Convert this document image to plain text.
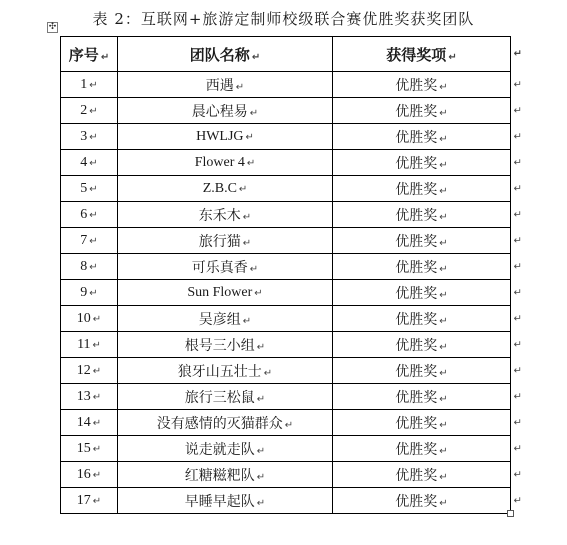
表 2：互联网+旅游定制师校级联合赛优胜奖获奖团队
✣
序号 ↵	团队名称 ↵	获得奖项 ↵ ↵

1 ↵	西遇 ↵	优胜奖 ↵ ↵

2 ↵	晨心程易 ↵	优胜奖 ↵ ↵

3 ↵	HWLJG ↵	优胜奖 ↵ ↵

4 ↵	Flower 4 ↵	优胜奖 ↵ ↵

5 ↵	Z.B.C ↵	优胜奖 ↵ ↵

6 ↵	东禾木 ↵	优胜奖 ↵ ↵

7 ↵	旅行猫 ↵	优胜奖 ↵ ↵

8 ↵	可乐真香 ↵	优胜奖 ↵ ↵

9 ↵	Sun Flower ↵	优胜奖 ↵ ↵

10 ↵	吴彦组 ↵	优胜奖 ↵ ↵

11 ↵	根号三小组 ↵	优胜奖 ↵ ↵

12 ↵	狼牙山五壮士 ↵	优胜奖 ↵ ↵

13 ↵	旅行三松鼠 ↵	优胜奖 ↵ ↵

14 ↵	没有感情的灭猫群众 ↵	优胜奖 ↵ ↵

15 ↵	说走就走队 ↵	优胜奖 ↵ ↵

16 ↵	红糖糍粑队 ↵	优胜奖 ↵ ↵

17 ↵	早睡早起队 ↵	优胜奖 ↵ ↵
